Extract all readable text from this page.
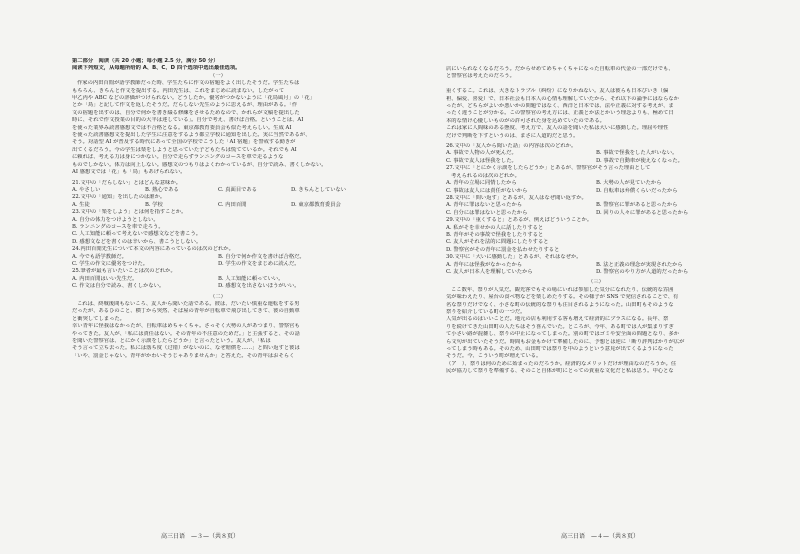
第二部分　阅读（共 20 小题；每小题 2.5 分，满分 50 分）
阅读下列短文，从每题所给的 A、B、C、D 四个选项中选出最佳选项。
（一）
作家の内田百閒が語学教師だった時、学生たちに作文の宿題をよく出したそうだ。学生たちは
もちろん、きちんと作文を提出する。内田先生は、これをまじめに読まない。したがって
甲乙丙や ABC などの評価がつけられない。どうしたか。優劣がつかないように「花鳥風月」の「花」
とか「鳥」と記して作文を返したそうだ。だらしない先生のように思えるが、理由がある。「作
文の宿題を出すのは、自分で何かを書き綴る修練をさせるためなので、かれらが文稿を提出した
時に、それで作文授業の目的の大半は達している」。自分で考え、書けば合格。ということは、AI
を使った業界み読書感想文では不合格となる。東京都教育委員会も似た考えらしい。生成 AI
を使った読書感想文を提出した学生に注意をするよう都立学校に通知を出した。実に当然であるが、
そう。対話型 AI が普及する時代にあって全国の学校でこうした「AI 宿題」を警戒する動きが
出てくるだろう。今の学生は楽をしようと思っていた子どもたちは慌てているか。それでも AI
に頼れば、考える力は身につかない。自分で走らずランニングのコースを車で走るような
ものでしかない。体力は向上しない。感想文のつもりはよくわかっているが、自分で読み、書くしかない。
AI 感想文では「花」も「鳥」もあげられない。
21.文中の「だらしない」とはどんな意味か。
A. やさしい	B. 熱心である	C. 真面目である	D. きちんとしていない
22.文中の「通知」を出したのは誰か。
A. 生徒	B. 学校	C. 内田百閒	D. 東京都教育委員会
23.文中の「楽をしよう」とは何を指すことか。
A. 自分の体力をつけようとしない。
B. ランニングのコースを車で走ろう。
C. 人工知能に頼って考えないで感想文などを書こう。
D. 感想文などを書くのは辛いから、書こうとしない。
24.内田百閒先生について本文の内容にあっているのは次のどれか。
A. 今でも語学教師だ。	B. 自分で何か作文を書けば合格だ。
C. 学生の作文に優劣をつけた。	D. 学生の作文をまじめに読んだ。
25.筆者が最も言いたいことは次のどれか。
A. 内田百閒はいい先生だ。	B. 人工知能に頼っていい。
C. 作文は自分で読み、書くしかない。	D. 感想文を出さないほうがいい。
（二）
これは、終戦後間もないころ、友人から聞いた話である。彼は、だいたい慎重な運転をする男
だったが、あるひのこと、横丁から突然、そば屋の青年が自転車で飛び出してきて、彼の自動車
と衝突してしまった。
幸い青年に怪我はなかったが、自転車はめちゃくちゃ。さっそく大勢の人があつまり、警察官も
やってきた。友人が、「私には責任はない。その青年の不注意のためだ。」と主張すると、その話
を聞いた警察官は、とにかく示談をしたらどうか」と言ったという。友人が、「私は
そう言って立ち去った。私には落ち度（过错）がないのに、なぜ賠償を……」と問い返すと彼は
「いや、罰金じゃない。青年がかわいそうじゃありませんか」と答えた。その青年はおそらく
高三日语　—３—（共８页）
店にいられなくなるだろう。だからせめてめちゃくちゃになった自転車の代金の一部だけでも、
と警察官は考えたのだろう。

重くするこ。これは、大きなトラブル（纠纷）になりかねない。友人は彼らも日本びいき（偏
袒、偏爱、喜爱）で、日本社会も日本人の心情も理解していたから、それ以下の論争にはならなか
ったが、どちらがよいか悪いかの問題ではなく、西洋と日本では、法や正義に対する考えが、ま
ったく違うことが分かる。この警察官の考え方には、正義とか法とかいう理念よりも、極めて日
本的な情け心優しいものがの許可された身を込めていたのである。
これは家に人間味のある態度、考え方で、友人の話を聞いた私は大いに感動した。理屈や理性
だけで判断を下すというのは、まさに人道的だと思う。
26.文中の「友人から聞いた話」の内容は次のどれか。
A. 事故で人物の人が死んだ。	B. 事故で怪我をした人がいない。
C. 事故で友人は怪我をした。	D. 事故で自動車が使えなくなった。
27.文中に「とにかく示談をしたらどうか」とあるが、警察官がそう言った理由として
考えられるのは次のどれか。
A. 青年の立場に同情したから	B. 大勢の人が見ていたから
C. 事故は友人には責任がないから	D. 自転車は弁償くらいだったから
28.文中に「問い返す」とあるが、友人はなぜ聞い返すか。
A. 青年に罪はないと思ったから	B. 警察官に罪があると思ったから
C. 自分には罪はないと思ったから	D. 回りの人々に罪があると思ったから
29.文中の「重くすると」とあるが、例えばどういうことか。
A. 私がそを幸せかの人に話したりすると
B. 青年がその事故で怪我をしたりすると
C. 友人がそれを法的に問題にしたりすると
D. 警察官がその青年に罰金を払わせたりすると
30.文中に「大いに感動した」とあるが、それはなぜか。
A. 青年には怪我がなかったから	B. 法と正義の理念が実現されたから
C. 友人が日本人を理解していたから	D. 警察官のやり方が人道的だったから
（三）
ここ数年、祭りが人気だ。観光客でもその場にいれば参加した気分になれたり、伝統的な雰囲
気が味わえたり、屋台の食べ物などを楽しめたりする。その様子が SNS で発信されることで、有
名な祭りだけでなく、小さな町の伝統的な祭りも注目されるようになった。山田町もそのような
祭りを紹介している町の一つだ。
人気が出るのはいいことだ。地元の店も利用する客も増えて経済的にプラスになる。長年、祭
りを続けてきた山田町の人たちはそう喜んでいた。ところが、今年、ある町では人が集まりすぎ
て小さい路が混雑し、祭りの中止になってしまった。別の町ではゴミや安全面の問題となり、多か
ら文句が出ていたそうだ。時間もお金もかけて準備したのに、予想とは逆に「断り評判ばかりが広が
ってしまう時もある。そのため、山田町では祭りを中のようという意見が出てくるようになった
そうだ。今、こういう町が増えている。
（ア　）、祭りは何のために始まったのだろうか。経済的なメリットだけが理由なのだろうか。住
民が協力して祭りを準備する、そのこと自体が町にとっての貴重な文化だと私は思う。中心とな
高三日语　—４—（共８页）
